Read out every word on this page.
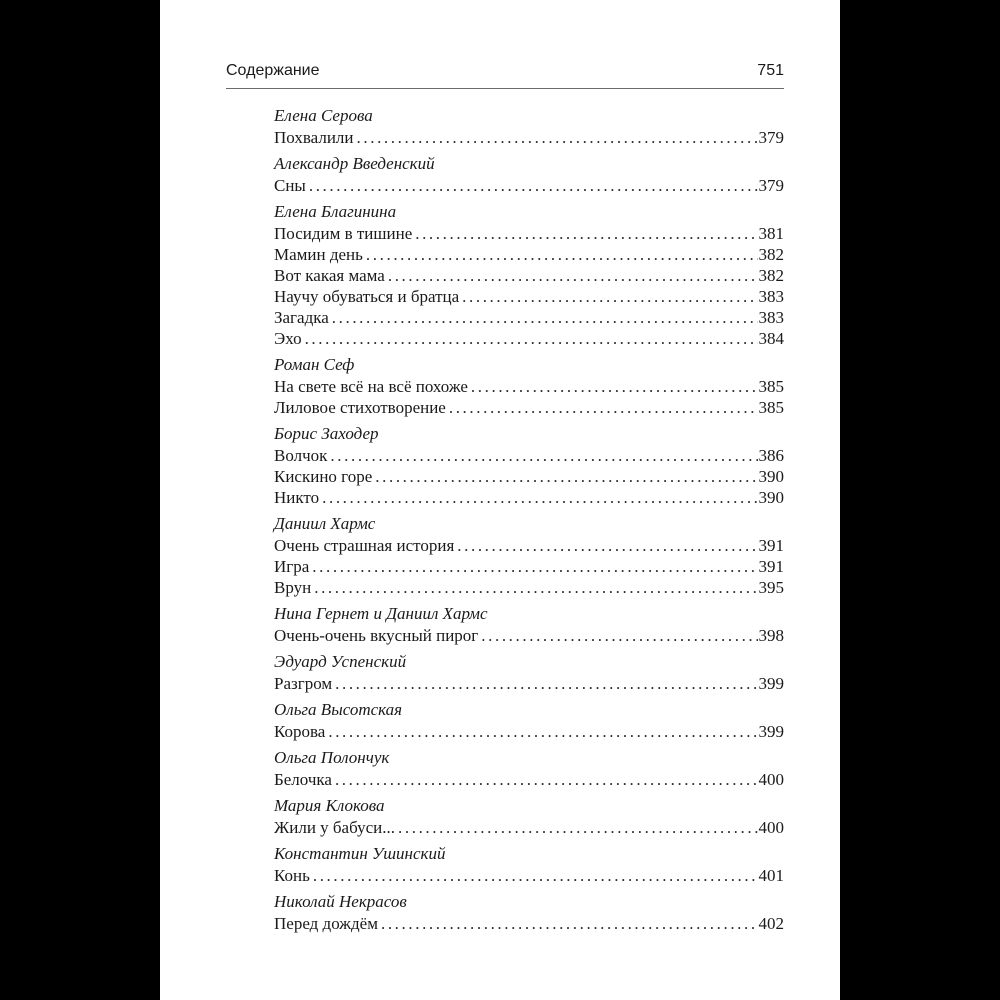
Содержание	751
Елена Серова
Похвалили .....	379
Александр Введенский
Сны .....	379
Елена Благинина
Посидим в тишине .....	381
Мамин день .....	382
Вот какая мама .....	382
Научу обуваться и братца .....	383
Загадка .....	383
Эхо .....	384
Роман Сеф
На свете всё на всё похоже .....	385
Лиловое стихотворение .....	385
Борис Заходер
Волчок .....	386
Кискино горе .....	390
Никто .....	390
Даниил Хармс
Очень страшная история .....	391
Игра .....	391
Врун .....	395
Нина Гернет и Даниил Хармс
Очень-очень вкусный пирог .....	398
Эдуард Успенский
Разгром .....	399
Ольга Высотская
Корова .....	399
Ольга Полончук
Белочка .....	400
Мария Клокова
Жили у бабуси... .....	400
Константин Ушинский
Конь .....	401
Николай Некрасов
Перед дождём .....	402
